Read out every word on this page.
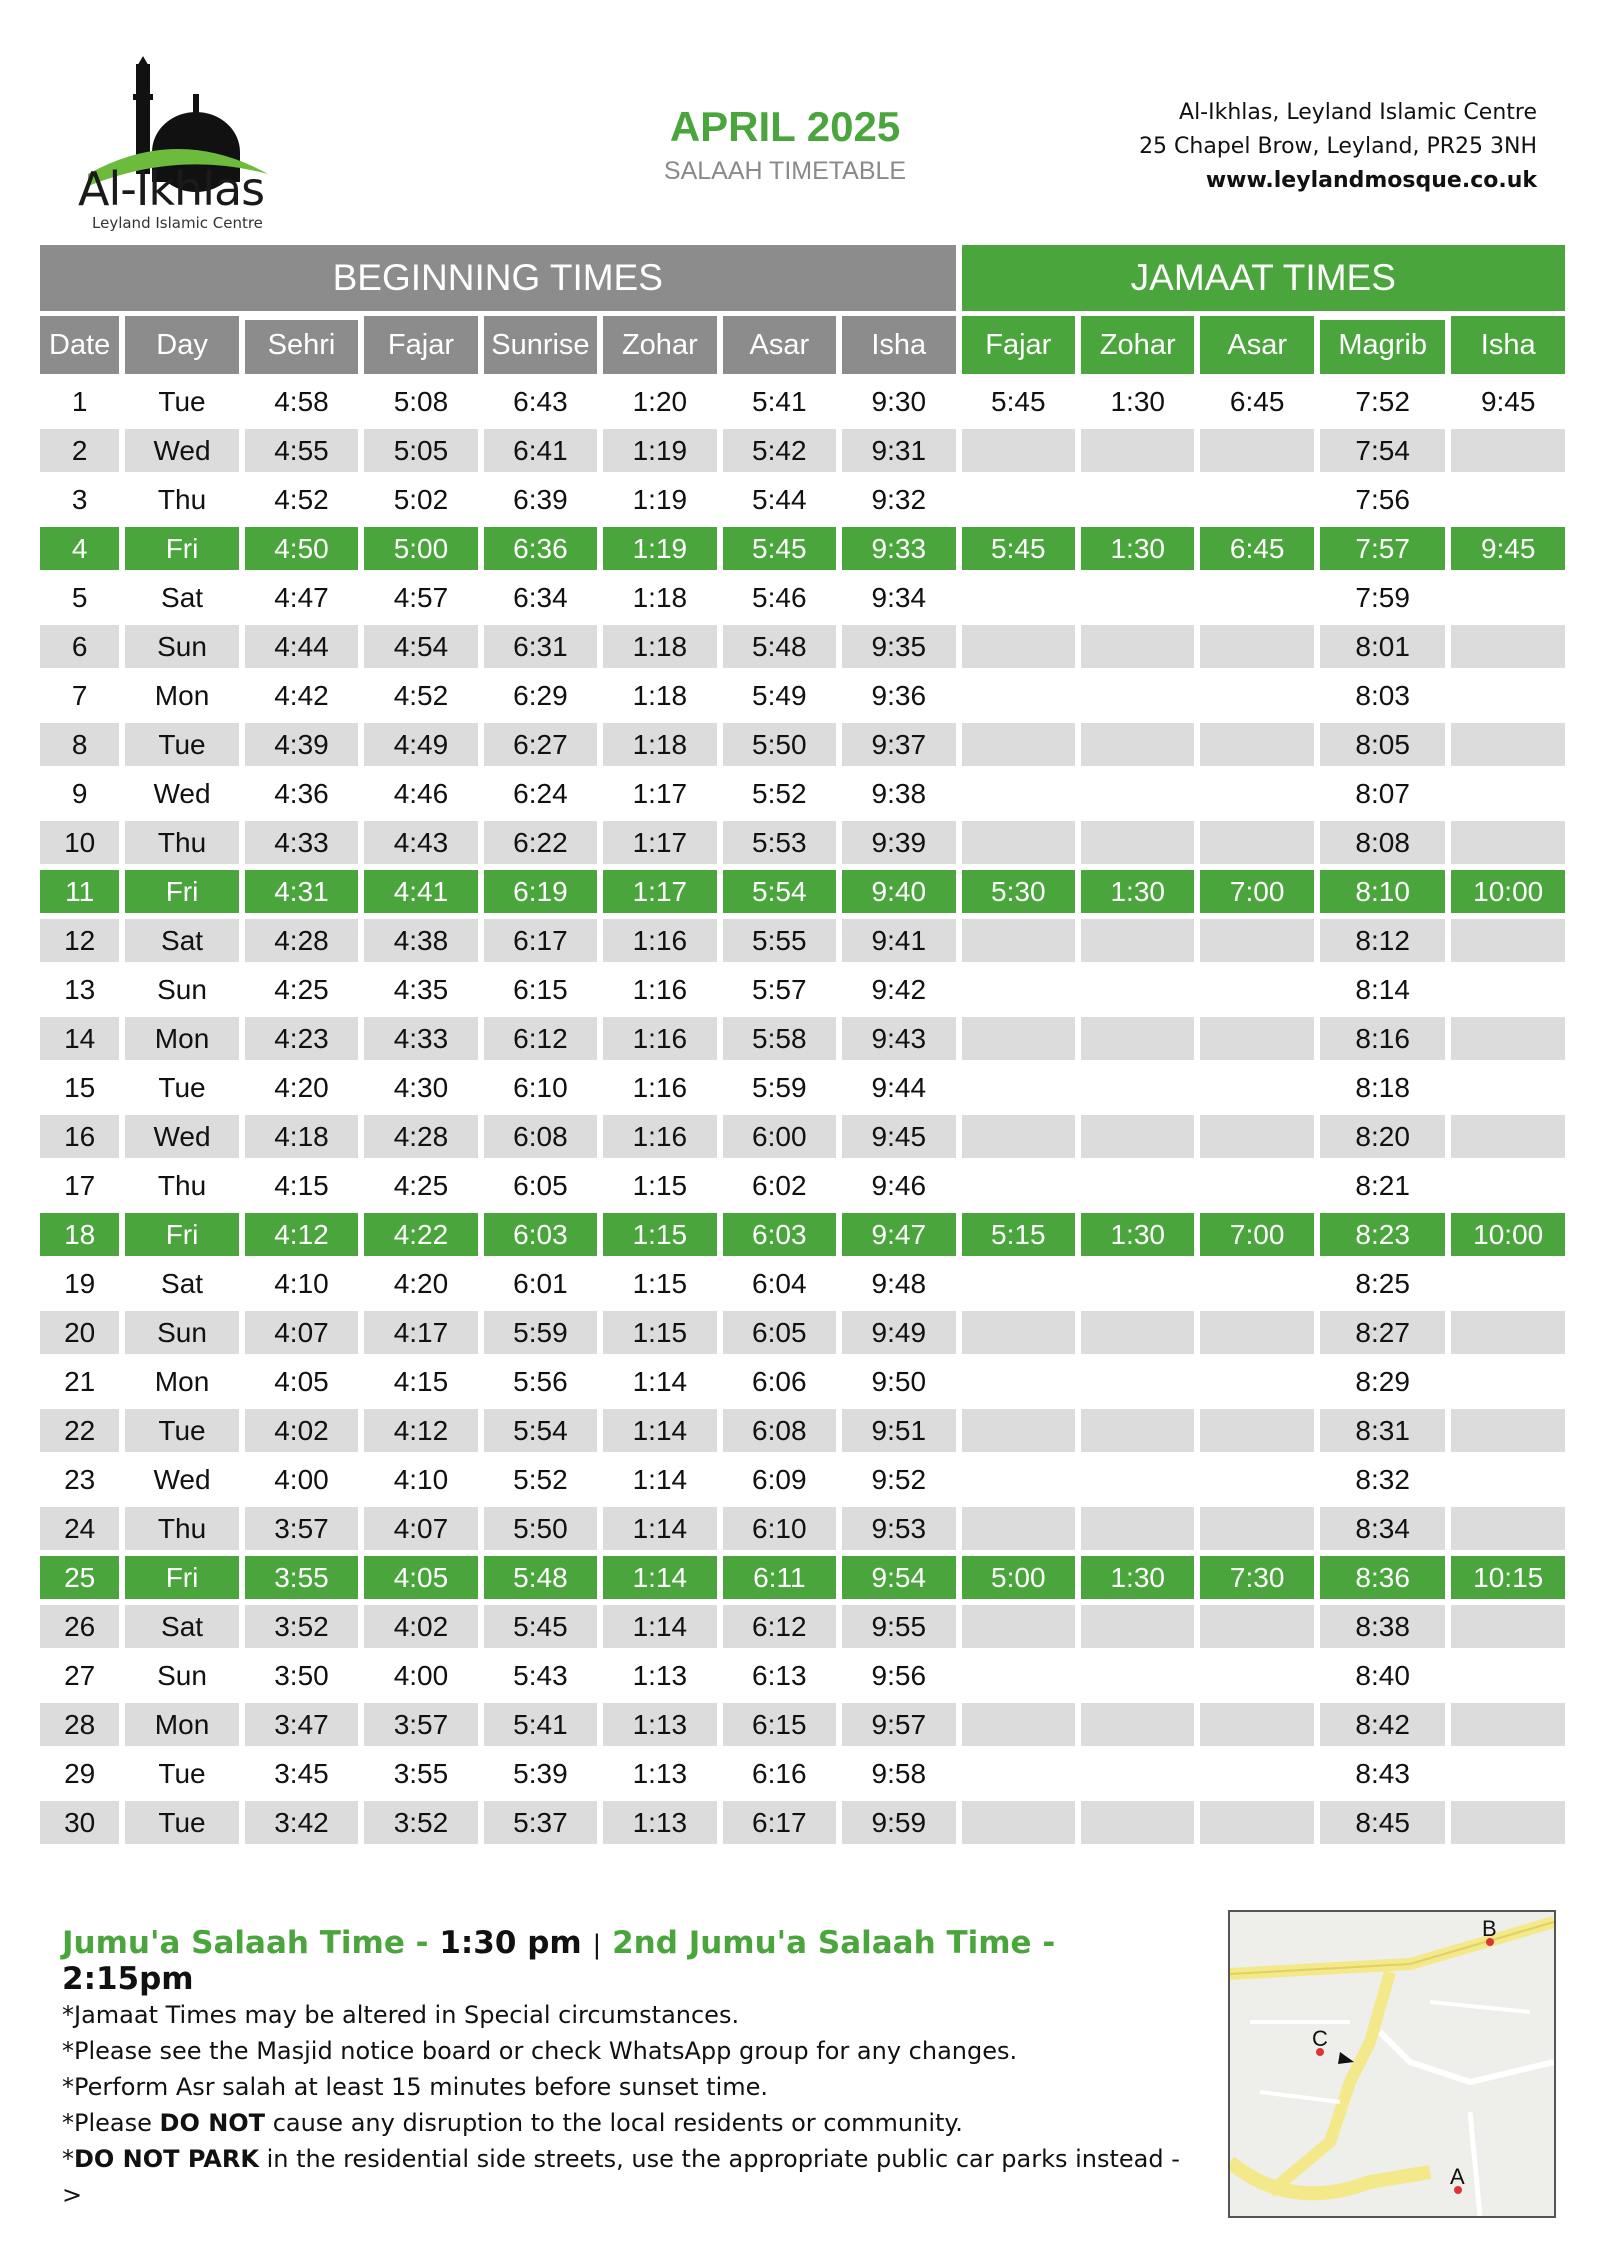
Al-Ikhlas
Leyland Islamic Centre
APRIL 2025
SALAAH TIMETABLE
Al-Ikhlas, Leyland Islamic Centre
25 Chapel Brow, Leyland, PR25 3NH
www.leylandmosque.co.uk
BEGINNING TIMES								JAMAAT TIMES				
Date	Day	Sehri	Fajar	Sunrise	Zohar	Asar	Isha	Fajar	Zohar	Asar	Magrib	Isha
1	Tue	4:58	5:08	6:43	1:20	5:41	9:30	5:45	1:30	6:45	7:52	9:45
2	Wed	4:55	5:05	6:41	1:19	5:42	9:31				7:54	
3	Thu	4:52	5:02	6:39	1:19	5:44	9:32				7:56	
4	Fri	4:50	5:00	6:36	1:19	5:45	9:33	5:45	1:30	6:45	7:57	9:45
5	Sat	4:47	4:57	6:34	1:18	5:46	9:34				7:59	
6	Sun	4:44	4:54	6:31	1:18	5:48	9:35				8:01	
7	Mon	4:42	4:52	6:29	1:18	5:49	9:36				8:03	
8	Tue	4:39	4:49	6:27	1:18	5:50	9:37				8:05	
9	Wed	4:36	4:46	6:24	1:17	5:52	9:38				8:07	
10	Thu	4:33	4:43	6:22	1:17	5:53	9:39				8:08	
11	Fri	4:31	4:41	6:19	1:17	5:54	9:40	5:30	1:30	7:00	8:10	10:00
12	Sat	4:28	4:38	6:17	1:16	5:55	9:41				8:12	
13	Sun	4:25	4:35	6:15	1:16	5:57	9:42				8:14	
14	Mon	4:23	4:33	6:12	1:16	5:58	9:43				8:16	
15	Tue	4:20	4:30	6:10	1:16	5:59	9:44				8:18	
16	Wed	4:18	4:28	6:08	1:16	6:00	9:45				8:20	
17	Thu	4:15	4:25	6:05	1:15	6:02	9:46				8:21	
18	Fri	4:12	4:22	6:03	1:15	6:03	9:47	5:15	1:30	7:00	8:23	10:00
19	Sat	4:10	4:20	6:01	1:15	6:04	9:48				8:25	
20	Sun	4:07	4:17	5:59	1:15	6:05	9:49				8:27	
21	Mon	4:05	4:15	5:56	1:14	6:06	9:50				8:29	
22	Tue	4:02	4:12	5:54	1:14	6:08	9:51				8:31	
23	Wed	4:00	4:10	5:52	1:14	6:09	9:52				8:32	
24	Thu	3:57	4:07	5:50	1:14	6:10	9:53				8:34	
25	Fri	3:55	4:05	5:48	1:14	6:11	9:54	5:00	1:30	7:30	8:36	10:15
26	Sat	3:52	4:02	5:45	1:14	6:12	9:55				8:38	
27	Sun	3:50	4:00	5:43	1:13	6:13	9:56				8:40	
28	Mon	3:47	3:57	5:41	1:13	6:15	9:57				8:42	
29	Tue	3:45	3:55	5:39	1:13	6:16	9:58				8:43	
30	Tue	3:42	3:52	5:37	1:13	6:17	9:59				8:45	
Jumu'a Salaah Time - 1:30 pm | 2nd Jumu'a Salaah Time - 2:15pm
*Jamaat Times may be altered in Special circumstances.
*Please see the Masjid notice board or check WhatsApp group for any changes.
*Perform Asr salah at least 15 minutes before sunset time.
*Please DO NOT cause any disruption to the local residents or community.
*DO NOT PARK in the residential side streets, use the appropriate public car parks instead ->
B
C
A
